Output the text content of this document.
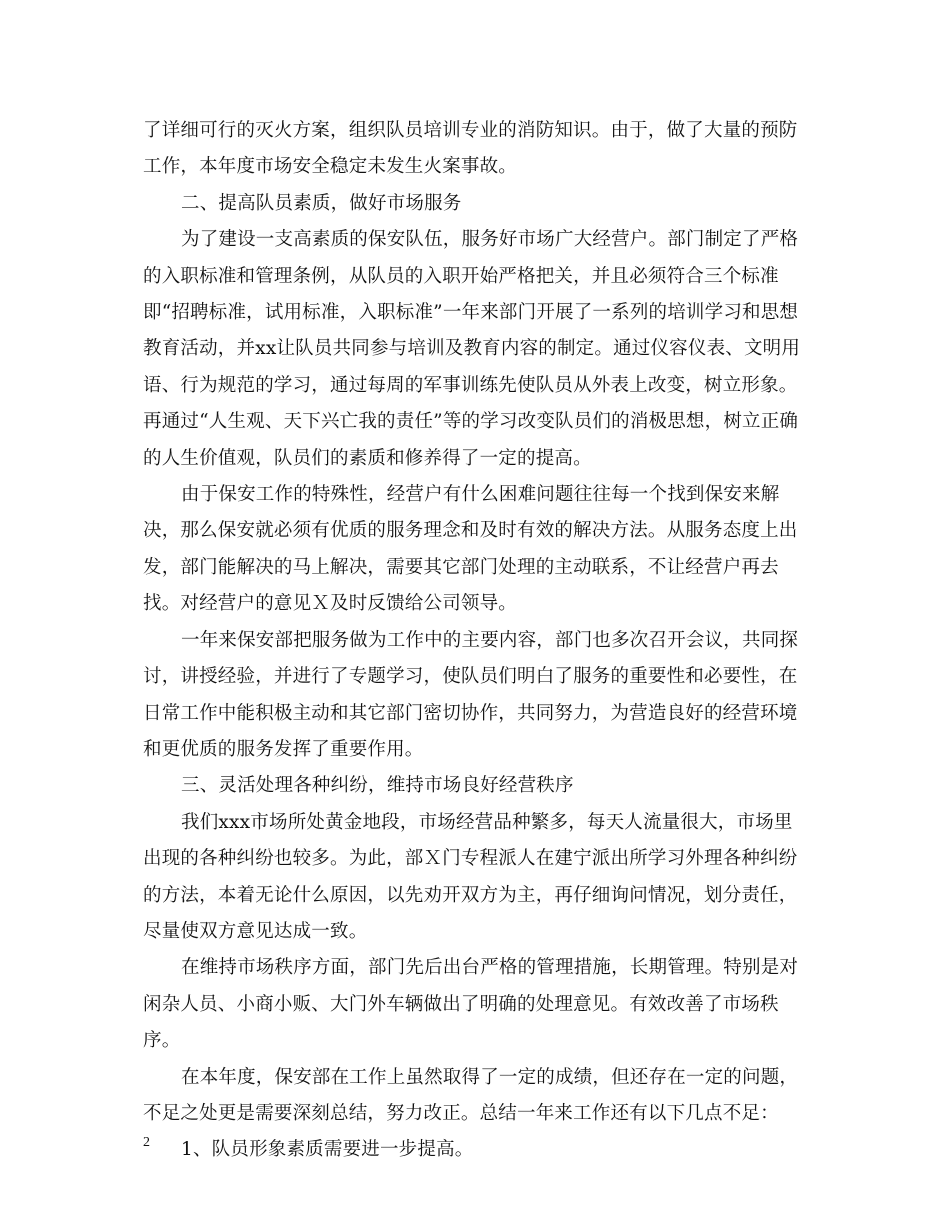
了详细可行的灭火方案，组织队员培训专业的消防知识。由于，做了大量的预防工作，本年度市场安全稳定未发生火案事故。

二、提高队员素质，做好市场服务

为了建设一支高素质的保安队伍，服务好市场广大经营户。部门制定了严格的入职标准和管理条例，从队员的入职开始严格把关，并且必须符合三个标准即“招聘标准，试用标准，入职标准”一年来部门开展了一系列的培训学习和思想教育活动，并xx让队员共同参与培训及教育内容的制定。通过仪容仪表、文明用语、行为规范的学习，通过每周的军事训练先使队员从外表上改变，树立形象。再通过“人生观、天下兴亡我的责任”等的学习改变队员们的消极思想，树立正确的人生价值观，队员们的素质和修养得了一定的提高。

由于保安工作的特殊性，经营户有什么困难问题往往每一个找到保安来解决，那么保安就必须有优质的服务理念和及时有效的解决方法。从服务态度上出发，部门能解决的马上解决，需要其它部门处理的主动联系，不让经营户再去找。对经营户的意见Ｘ及时反馈给公司领导。

一年来保安部把服务做为工作中的主要内容，部门也多次召开会议，共同探讨，讲授经验，并进行了专题学习，使队员们明白了服务的重要性和必要性，在日常工作中能积极主动和其它部门密切协作，共同努力，为营造良好的经营环境和更优质的服务发挥了重要作用。

三、灵活处理各种纠纷，维持市场良好经营秩序

我们xxx市场所处黄金地段，市场经营品种繁多，每天人流量很大，市场里出现的各种纠纷也较多。为此，部Ｘ门专程派人在建宁派出所学习外理各种纠纷的方法，本着无论什么原因，以先劝开双方为主，再仔细询问情况，划分责任，尽量使双方意见达成一致。

在维持市场秩序方面，部门先后出台严格的管理措施，长期管理。特别是对闲杂人员、小商小贩、大门外车辆做出了明确的处理意见。有效改善了市场秩序。

在本年度，保安部在工作上虽然取得了一定的成绩，但还存在一定的问题，不足之处更是需要深刻总结，努力改正。总结一年来工作还有以下几点不足：

1、队员形象素质需要进一步提高。

2
